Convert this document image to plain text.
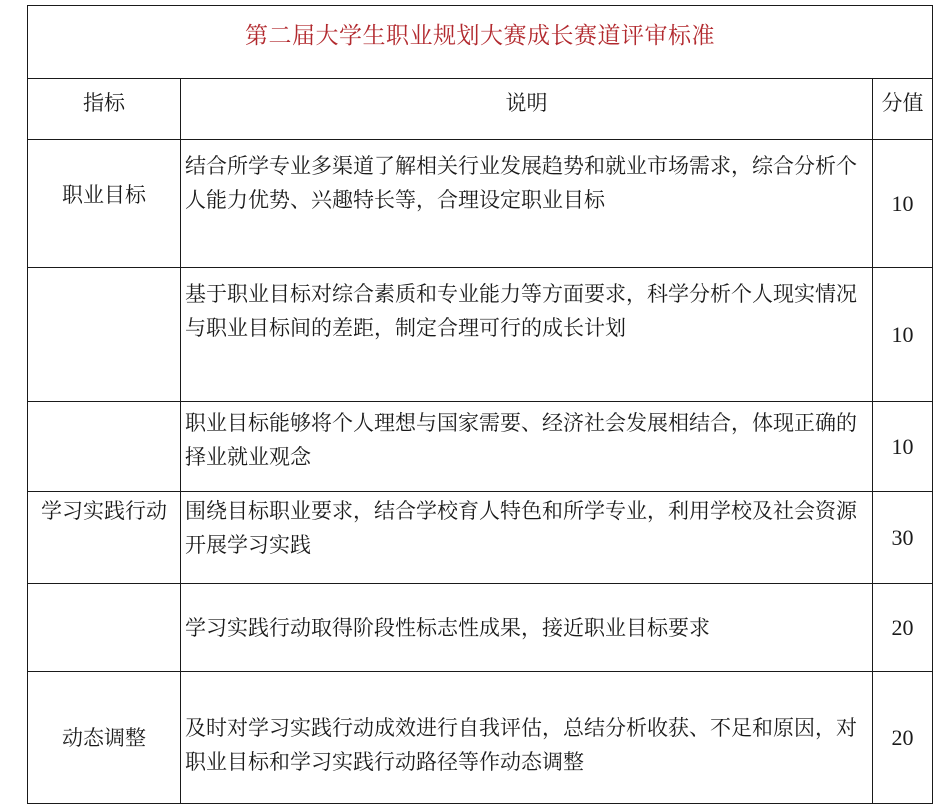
第二届大学生职业规划大赛成长赛道评审标准		
指标	说明	分值
职业目标	结合所学专业多渠道了解相关行业发展趋势和就业市场需求，综合分析个人能力优势、兴趣特长等，合理设定职业目标	10
	基于职业目标对综合素质和专业能力等方面要求，科学分析个人现实情况与职业目标间的差距，制定合理可行的成长计划	10
	职业目标能够将个人理想与国家需要、经济社会发展相结合，体现正确的择业就业观念	10
学习实践行动	围绕目标职业要求，结合学校育人特色和所学专业，利用学校及社会资源开展学习实践	30
	学习实践行动取得阶段性标志性成果，接近职业目标要求	20
动态调整	及时对学习实践行动成效进行自我评估，总结分析收获、不足和原因，对职业目标和学习实践行动路径等作动态调整	20
